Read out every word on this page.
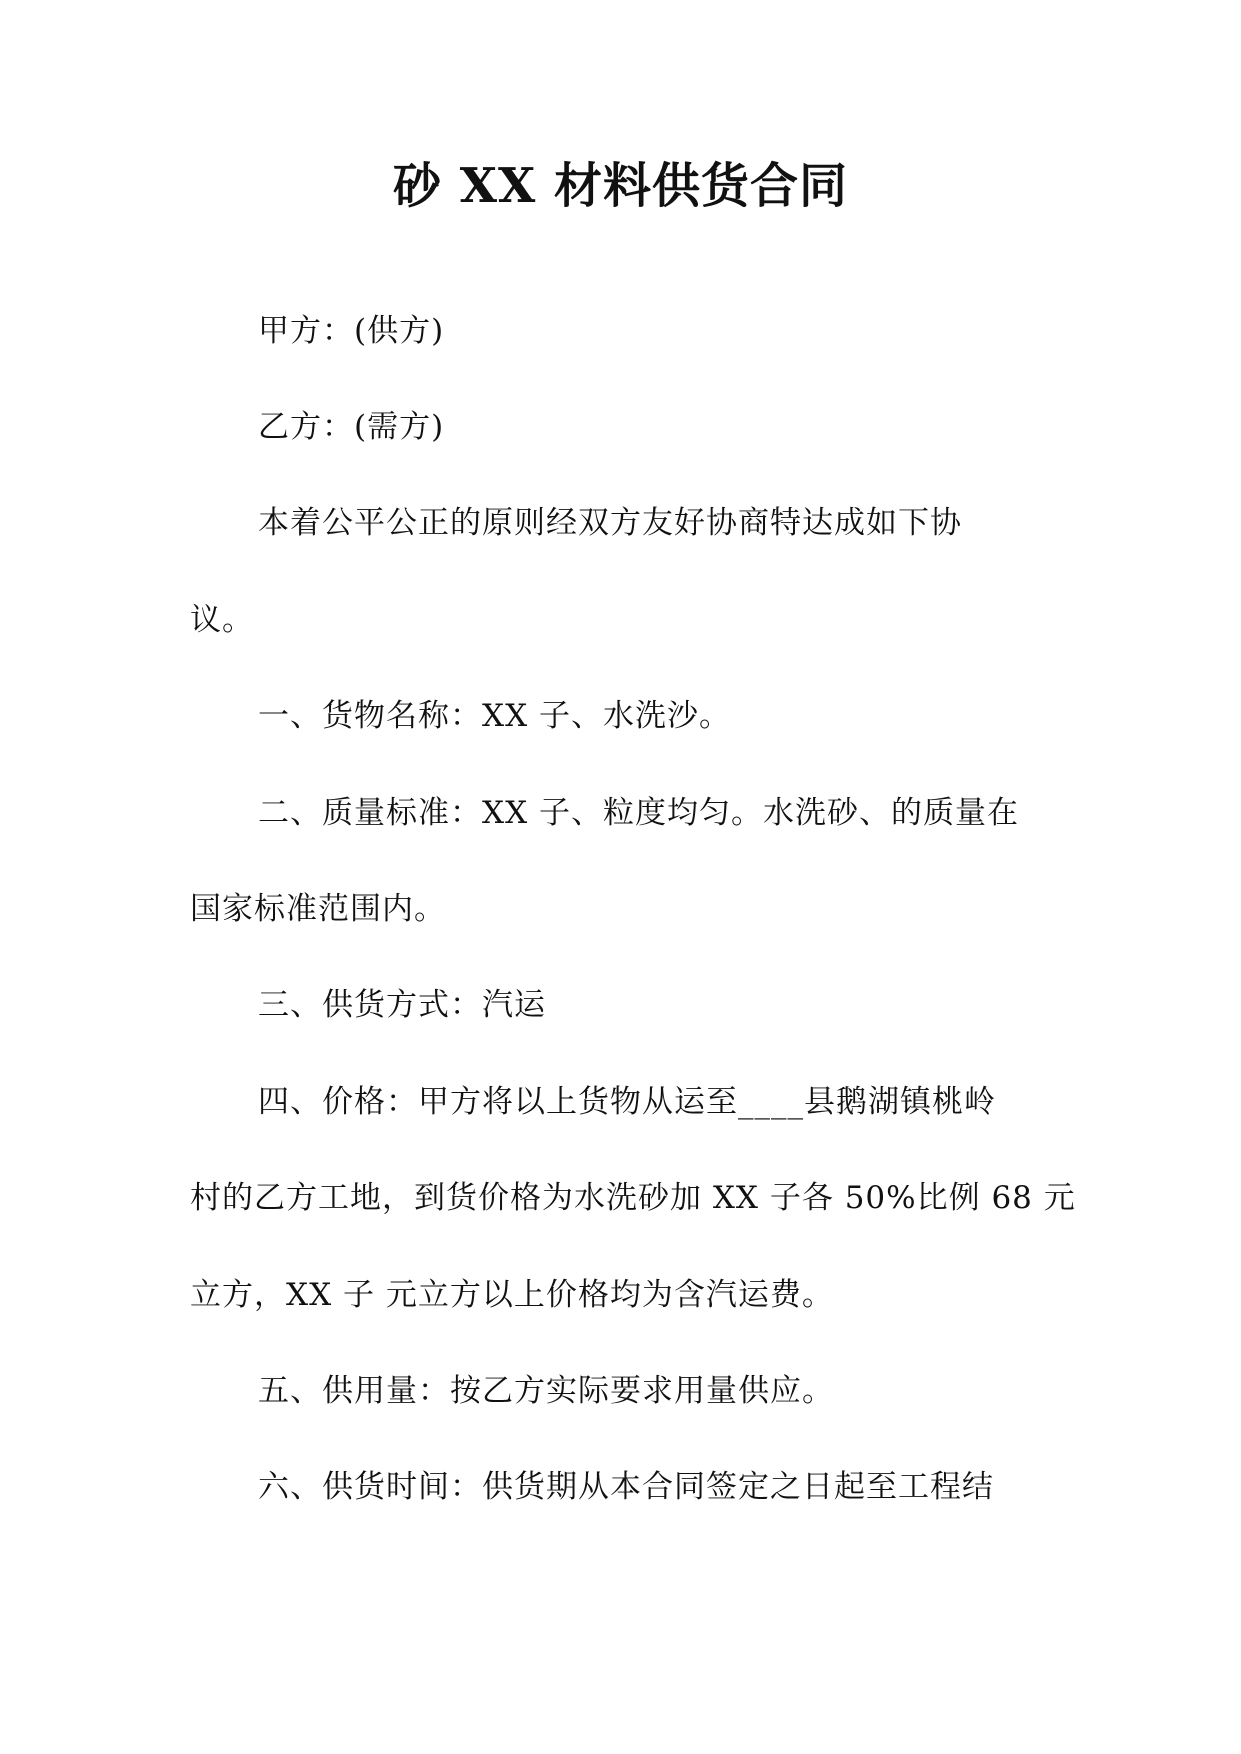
砂 XX 材料供货合同
甲方：(供方)
乙方：(需方)
本着公平公正的原则经双方友好协商特达成如下协
议。
一、货物名称：XX 子、水洗沙。
二、质量标准：XX 子、粒度均匀。水洗砂、的质量在
国家标准范围内。
三、供货方式：汽运
四、价格：甲方将以上货物从运至____县鹅湖镇桃岭
村的乙方工地，到货价格为水洗砂加 XX 子各 50%比例 68 元
立方，XX 子 元立方以上价格均为含汽运费。
五、供用量：按乙方实际要求用量供应。
六、供货时间：供货期从本合同签定之日起至工程结
